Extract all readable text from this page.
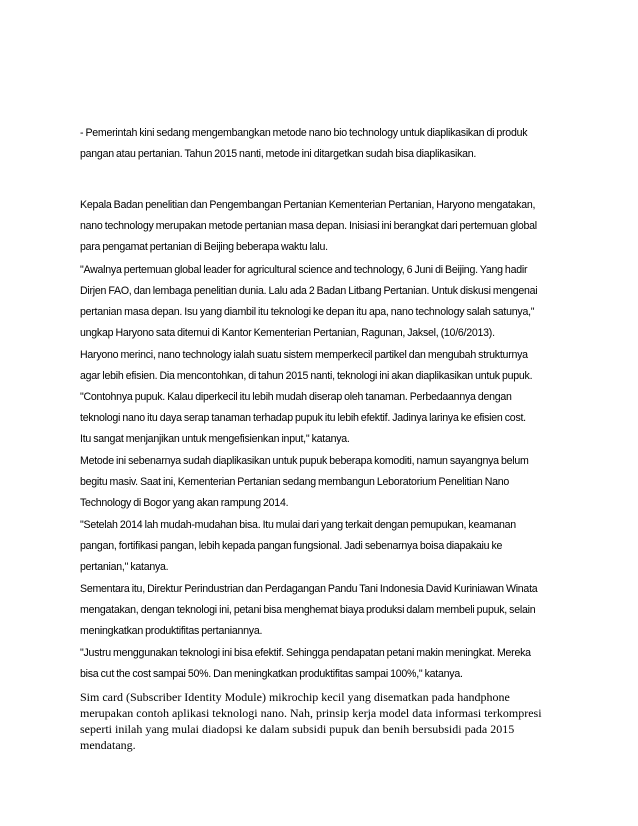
- Pemerintah kini sedang mengembangkan metode nano bio technology untuk diaplikasikan di produk
pangan atau pertanian. Tahun 2015 nanti, metode ini ditargetkan sudah bisa diaplikasikan.
Kepala Badan penelitian dan Pengembangan Pertanian Kementerian Pertanian, Haryono mengatakan,
nano technology merupakan metode pertanian masa depan. Inisiasi ini berangkat dari pertemuan global
para pengamat pertanian di Beijing beberapa waktu lalu.
"Awalnya pertemuan global leader for agricultural science and technology, 6 Juni di Beijing. Yang hadir
Dirjen FAO, dan lembaga penelitian dunia. Lalu ada 2 Badan Litbang Pertanian. Untuk diskusi mengenai
pertanian masa depan. Isu yang diambil itu teknologi ke depan itu apa, nano technology salah satunya,"
ungkap Haryono sata ditemui di Kantor Kementerian Pertanian, Ragunan, Jaksel, (10/6/2013).
Haryono merinci, nano technology ialah suatu sistem memperkecil partikel dan mengubah strukturnya
agar lebih efisien. Dia mencontohkan, di tahun 2015 nanti, teknologi ini akan diaplikasikan untuk pupuk.
"Contohnya pupuk. Kalau diperkecil itu lebih mudah diserap oleh tanaman. Perbedaannya dengan
teknologi nano itu daya serap tanaman terhadap pupuk itu lebih efektif. Jadinya larinya ke efisien cost.
Itu sangat menjanjikan untuk mengefisienkan input," katanya.
Metode ini sebenarnya sudah diaplikasikan untuk pupuk beberapa komoditi, namun sayangnya belum
begitu masiv. Saat ini, Kementerian Pertanian sedang membangun Leboratorium Penelitian Nano
Technology di Bogor yang akan rampung 2014.
"Setelah 2014 lah mudah-mudahan bisa. Itu mulai dari yang terkait dengan pemupukan, keamanan
pangan, fortifikasi pangan, lebih kepada pangan fungsional. Jadi sebenarnya boisa diapakaiu ke
pertanian," katanya.
Sementara itu, Direktur Perindustrian dan Perdagangan Pandu Tani Indonesia David Kuriniawan Winata
mengatakan, dengan teknologi ini, petani bisa menghemat biaya produksi dalam membeli pupuk, selain
meningkatkan produktifitas pertaniannya.
"Justru menggunakan teknologi ini bisa efektif. Sehingga pendapatan petani makin meningkat. Mereka
bisa cut the cost sampai 50%. Dan meningkatkan produktifitas sampai 100%," katanya.
Sim card (Subscriber Identity Module) mikrochip kecil yang disematkan pada handphone
merupakan contoh aplikasi teknologi nano. Nah, prinsip kerja model data informasi terkompresi
seperti inilah yang mulai diadopsi ke dalam subsidi pupuk dan benih bersubsidi pada 2015
mendatang.
